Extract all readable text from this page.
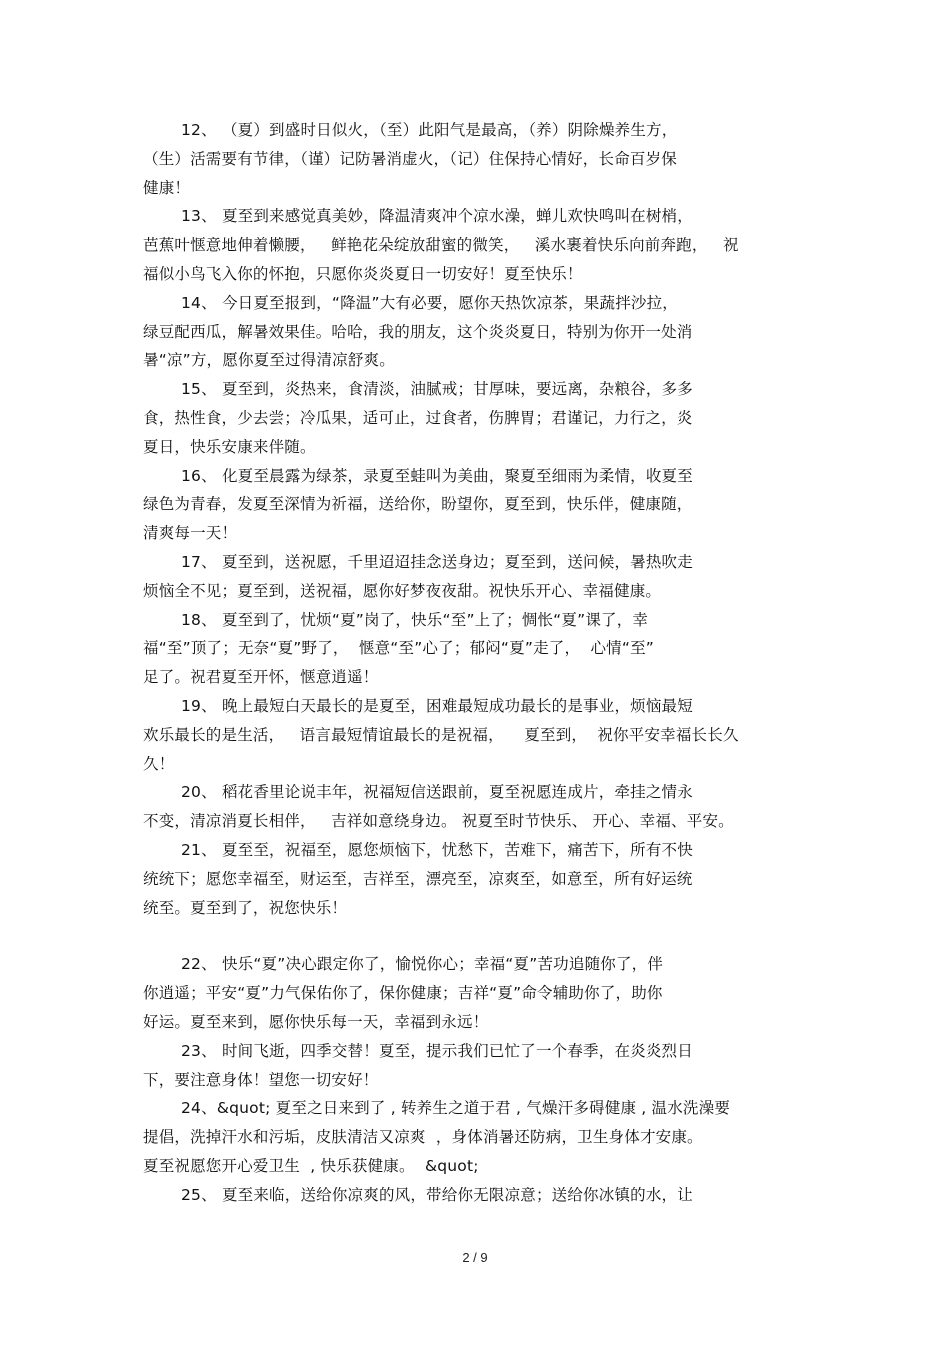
12、 （夏）到盛时日似火，（至）此阳气是最高，（养）阴除燥养生方，
（生）活需要有节律，（谨）记防暑消虚火，（记）住保持心情好，长命百岁保
健康！
13、 夏至到来感觉真美妙，降温清爽冲个凉水澡，蝉儿欢快鸣叫在树梢，
芭蕉叶惬意地伸着懒腰，   鲜艳花朵绽放甜蜜的微笑，   溪水裹着快乐向前奔跑，   祝
福似小鸟飞入你的怀抱，只愿你炎炎夏日一切安好！夏至快乐！
14、 今日夏至报到，“降温”大有必要，愿你天热饮凉茶，果蔬拌沙拉，
绿豆配西瓜，解暑效果佳。哈哈，我的朋友，这个炎炎夏日，特别为你开一处消
暑“凉”方，愿你夏至过得清凉舒爽。
15、 夏至到，炎热来，食清淡，油腻戒；甘厚味，要远离，杂粮谷，多多
食，热性食，少去尝；冷瓜果，适可止，过食者，伤脾胃；君谨记，力行之，炎
夏日，快乐安康来伴随。
16、 化夏至晨露为绿茶，录夏至蛙叫为美曲，聚夏至细雨为柔情，收夏至
绿色为青春，发夏至深情为祈福，送给你，盼望你，夏至到，快乐伴，健康随，
清爽每一天！
17、 夏至到，送祝愿，千里迢迢挂念送身边；夏至到，送问候，暑热吹走
烦恼全不见；夏至到，送祝福，愿你好梦夜夜甜。祝快乐开心、幸福健康。
18、 夏至到了，忧烦“夏”岗了，快乐“至”上了；惆怅“夏”课了，幸
福“至”顶了；无奈“夏”野了，  惬意“至”心了；郁闷“夏”走了，  心情“至”
足了。祝君夏至开怀，惬意逍遥！
19、 晚上最短白天最长的是夏至，困难最短成功最长的是事业，烦恼最短
欢乐最长的是生活，   语言最短情谊最长的是祝福，    夏至到，  祝你平安幸福长长久
久！
20、 稻花香里论说丰年，祝福短信送跟前，夏至祝愿连成片，牵挂之情永
不变，清凉消夏长相伴，   吉祥如意绕身边。 祝夏至时节快乐、 开心、幸福、平安。
21、 夏至至，祝福至，愿您烦恼下，忧愁下，苦难下，痛苦下，所有不快
统统下；愿您幸福至，财运至，吉祥至，漂亮至，凉爽至，如意至，所有好运统
统至。夏至到了，祝您快乐！
22、 快乐“夏”决心跟定你了，愉悦你心；幸福“夏”苦功追随你了，伴
你逍遥；平安“夏”力气保佑你了，保你健康；吉祥“夏”命令辅助你了，助你
好运。夏至来到，愿你快乐每一天，幸福到永远！
23、 时间飞逝，四季交替！夏至，提示我们已忙了一个春季，在炎炎烈日
下，要注意身体！望您一切安好！
24、&quot; 夏至之日来到了 , 转养生之道于君 , 气燥汗多碍健康 , 温水洗澡要
提倡，洗掉汗水和污垢，皮肤清洁又凉爽  ，身体消暑还防病，卫生身体才安康。
夏至祝愿您开心爱卫生  , 快乐获健康。  &quot;
25、 夏至来临，送给你凉爽的风，带给你无限凉意；送给你冰镇的水，让
2 / 9
